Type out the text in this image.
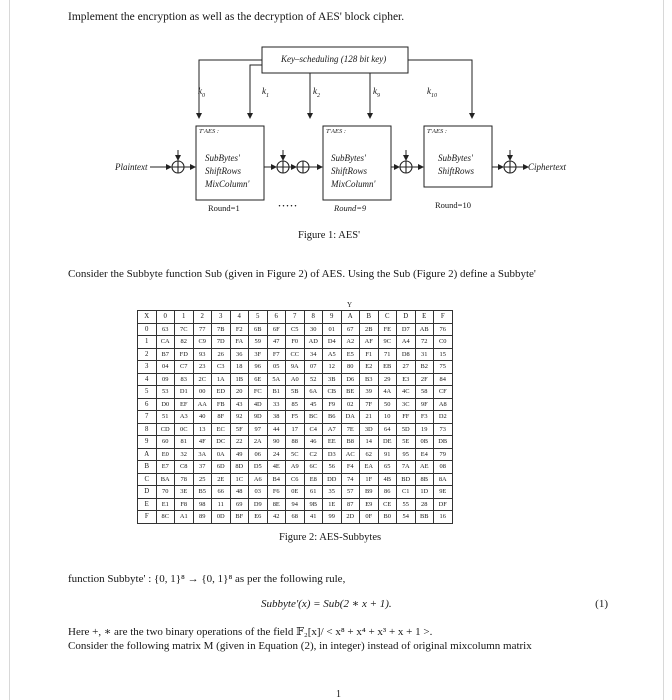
Implement the encryption as well as the decryption of AES' block cipher.
Key–scheduling (128 bit key)
$k_0$	$k_1$	$k_2$	$k_9$	$k_{10}$
Plaintext	Ciphertext
T'AES :
SubBytes'
ShiftRows
MixColumn'
T'AES :
SubBytes'
ShiftRows
MixColumn'
T'AES :
SubBytes'
ShiftRows
Round=1	·····	Round=9	Round=10
Figure 1: AES'
Consider the Subbyte function Sub (given in Figure 2) of AES. Using the Sub (Figure 2) define a Subbyte'
Y
X	0	1	2	3	4	5	6	7	8	9	A	B	C	D	E	F
0	63	7C	77	7B	F2	6B	6F	C5	30	01	67	2B	FE	D7	AB	76
1	CA	82	C9	7D	FA	59	47	F0	AD	D4	A2	AF	9C	A4	72	C0
2	B7	FD	93	26	36	3F	F7	CC	34	A5	E5	F1	71	D8	31	15
3	04	C7	23	C3	18	96	05	9A	07	12	80	E2	EB	27	B2	75
4	09	83	2C	1A	1B	6E	5A	A0	52	3B	D6	B3	29	E3	2F	84
5	53	D1	00	ED	20	FC	B1	5B	6A	CB	BE	39	4A	4C	58	CF
6	D0	EF	AA	FB	43	4D	33	85	45	F9	02	7F	50	3C	9F	A8
7	51	A3	40	8F	92	9D	38	F5	BC	B6	DA	21	10	FF	F3	D2
8	CD	0C	13	EC	5F	97	44	17	C4	A7	7E	3D	64	5D	19	73
9	60	81	4F	DC	22	2A	90	88	46	EE	B8	14	DE	5E	0B	DB
A	E0	32	3A	0A	49	06	24	5C	C2	D3	AC	62	91	95	E4	79
B	E7	C8	37	6D	8D	D5	4E	A9	6C	56	F4	EA	65	7A	AE	08
C	BA	78	25	2E	1C	A6	B4	C6	E8	DD	74	1F	4B	BD	8B	8A
D	70	3E	B5	66	48	03	F6	0E	61	35	57	B9	86	C1	1D	9E
E	E1	F8	98	11	69	D9	8E	94	9B	1E	87	E9	CE	55	28	DF
F	8C	A1	89	0D	BF	E6	42	68	41	99	2D	0F	B0	54	BB	16
Figure 2: AES-Subbytes
function Subbyte' : {0, 1}⁸ → {0, 1}⁸ as per the following rule,
Subbyte'(x) = Sub(2 ∗ x + 1).	(1)
Here +, ∗ are the two binary operations of the field 𝔽₂[x]/ < x⁸ + x⁴ + x³ + x + 1 >.
Consider the following matrix M (given in Equation (2), in integer) instead of original mixcolumn matrix
1
